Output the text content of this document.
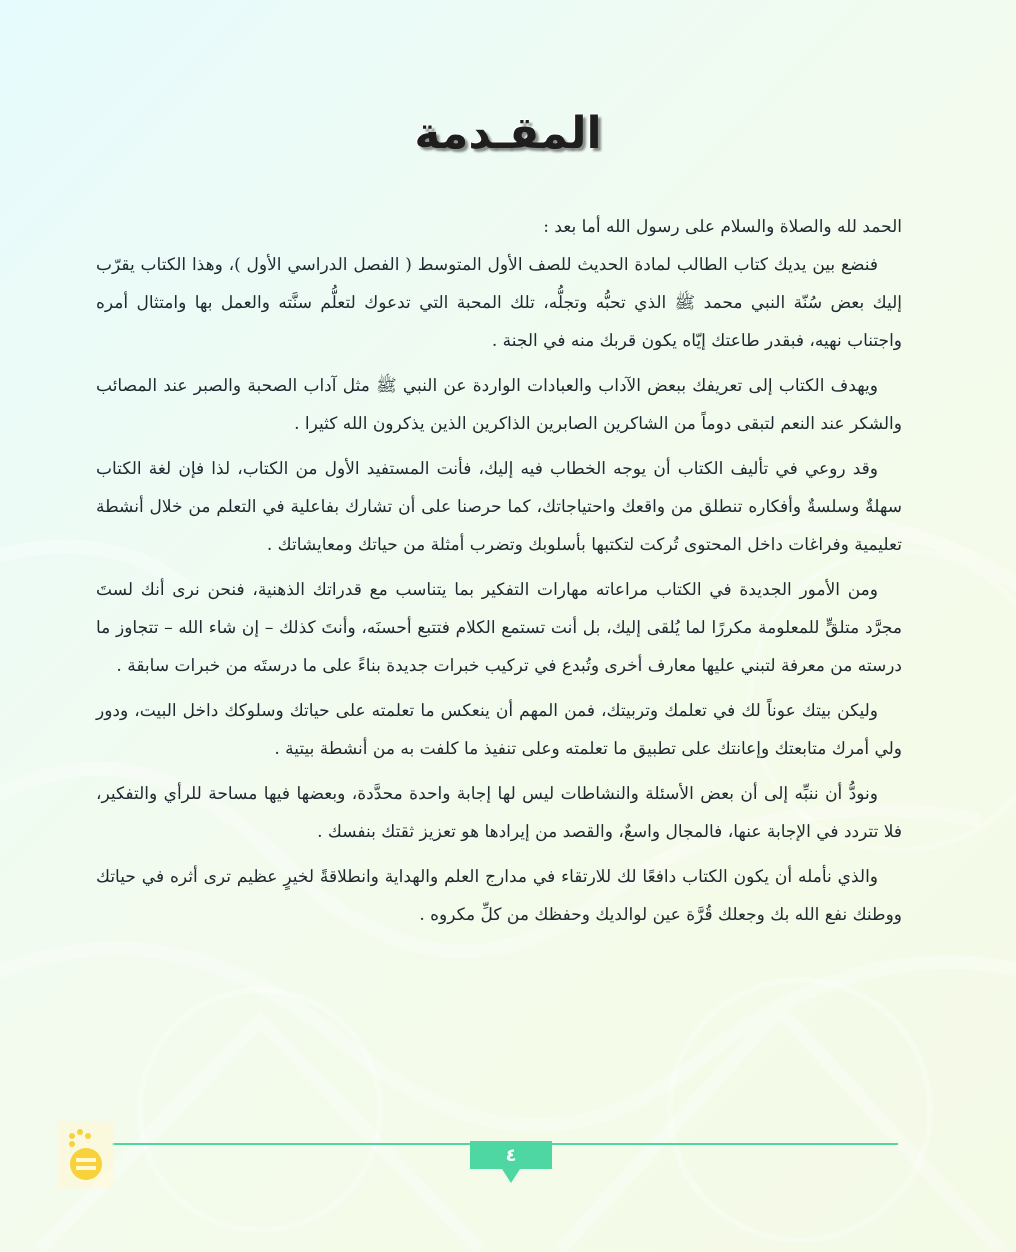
المقـدمة

الحمد لله والصلاة والسلام على رسول الله أما بعد :

فنضع بين يديك كتاب الطالب لمادة الحديث للصف الأول المتوسط ( الفصل الدراسي الأول )، وهذا الكتاب يقرّب إليك بعض سُنّة النبي محمد ﷺ الذي تحبُّه وتجلُّه، تلك المحبة التي تدعوك لتعلُّم سنَّته والعمل بها وامتثال أمره واجتناب نهيه، فبقدر طاعتك إيّاه يكون قربك منه في الجنة .

ويهدف الكتاب إلى تعريفك ببعض الآداب والعبادات الواردة عن النبي ﷺ مثل آداب الصحبة والصبر عند المصائب والشكر عند النعم لتبقى دوماً من الشاكرين الصابرين الذاكرين الذين يذكرون الله كثيرا .

وقد روعي في تأليف الكتاب أن يوجه الخطاب فيه إليك، فأنت المستفيد الأول من الكتاب، لذا فإن لغة الكتاب سهلةٌ وسلسةٌ وأفكاره تنطلق من واقعك واحتياجاتك، كما حرصنا على أن تشارك بفاعلية في التعلم من خلال أنشطة تعليمية وفراغات داخل المحتوى تُركت لتكتبها بأسلوبك وتضرب أمثلة من حياتك ومعايشاتك .

ومن الأمور الجديدة في الكتاب مراعاته مهارات التفكير بما يتناسب مع قدراتك الذهنية، فنحن نرى أنك لستَ مجرَّد متلقٍّ للمعلومة مكررًا لما يُلقى إليك، بل أنت تستمع الكلام فتتبع أحسنَه، وأنتَ كذلك – إن شاء الله – تتجاوز ما درسته من معرفة لتبني عليها معارف أخرى وتُبدع في تركيب خبرات جديدة بناءً على ما درستَه من خبرات سابقة .

وليكن بيتك عوناً لك في تعلمك وتربيتك، فمن المهم أن ينعكس ما تعلمته على حياتك وسلوكك داخل البيت، ودور ولي أمرك متابعتك وإعانتك على تطبيق ما تعلمته وعلى تنفيذ ما كلفت به من أنشطة بيتية .

ونودُّ أن ننبِّه إلى أن بعض الأسئلة والنشاطات ليس لها إجابة واحدة محدَّدة، وبعضها فيها مساحة للرأي والتفكير، فلا تتردد في الإجابة عنها، فالمجال واسعٌ، والقصد من إيرادها هو تعزيز ثقتك بنفسك .

والذي نأمله أن يكون الكتاب دافعًا لك للارتقاء في مدارج العلم والهداية وانطلاقةً لخيرٍ عظيم ترى أثره في حياتك ووطنك نفع الله بك وجعلك قُرَّة عين لوالديك وحفظك من كلِّ مكروه .

٤
